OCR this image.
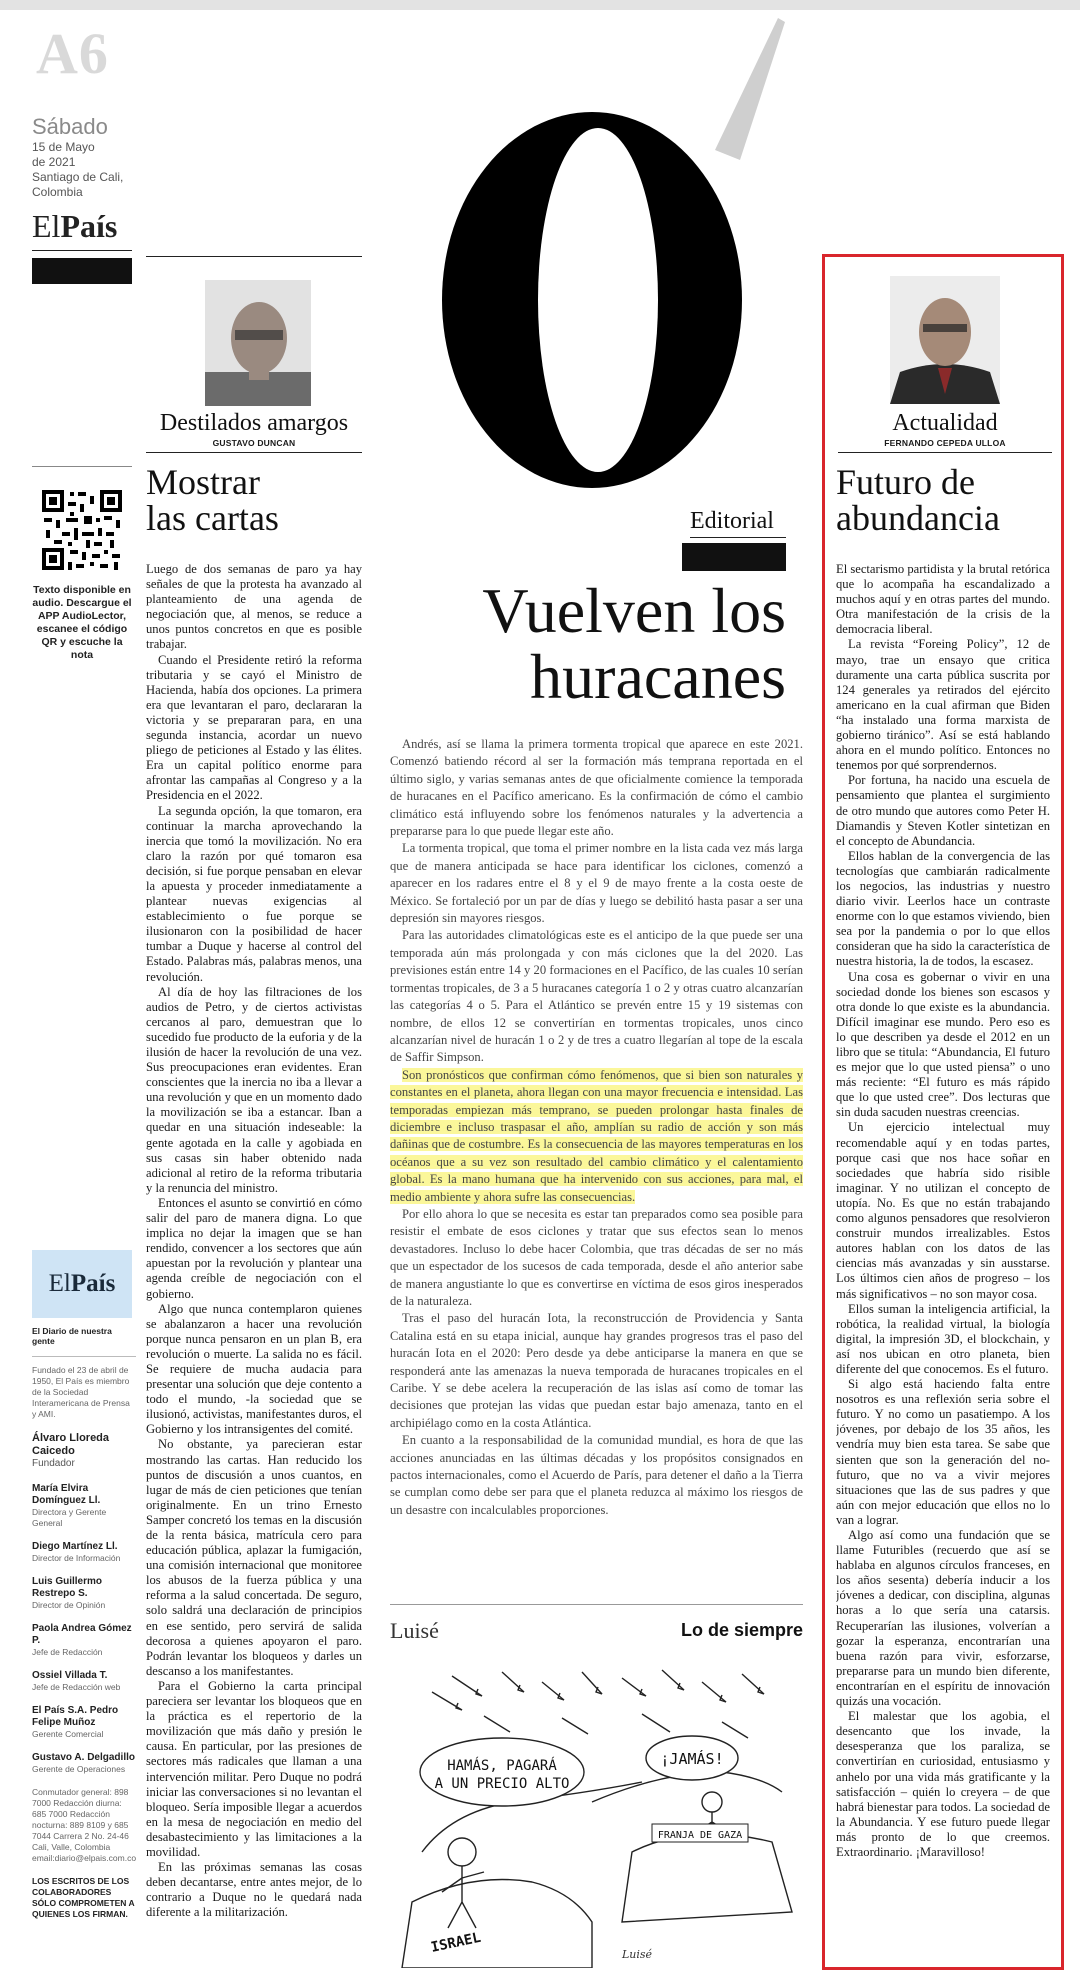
A6
Sábado
15 de Mayo
de 2021
Santiago de Cali,
Colombia
ElPaís
Destilados amargos
GUSTAVO DUNCAN
Texto disponible en audio. Descargue el APP AudioLector, escanee el código QR y escuche la nota
ElPaís
El Diario de nuestra gente
Fundado el 23 de abril de 1950, El País es miembro de la Sociedad Interamericana de Prensa y AMI.
Álvaro Lloreda Caicedo
Fundador
María Elvira Domínguez Ll.
Directora y Gerente General
Diego Martínez Ll.
Director de Información
Luis Guillermo Restrepo S.
Director de Opinión
Paola Andrea Gómez P.
Jefe de Redacción
Ossiel Villada T.
Jefe de Redacción web
El País S.A. Pedro Felipe Muñoz
Gerente Comercial
Gustavo A. Delgadillo
Gerente de Operaciones
Conmutador general: 898 7000 Redacción diurna: 685 7000 Redacción nocturna: 889 8109 y 685 7044 Carrera 2 No. 24-46 Cali, Valle, Colombia email:diario@elpais.com.co
LOS ESCRITOS DE LOS COLABORADORES SÓLO COMPROMETEN A QUIENES LOS FIRMAN.
Mostrar
las cartas

Luego de dos semanas de paro ya hay señales de que la protesta ha avanzado al planteamiento de una agenda de negociación que, al menos, se reduce a unos puntos concretos en que es posible trabajar.

Cuando el Presidente retiró la reforma tributaria y se cayó el Ministro de Hacienda, había dos opciones. La primera era que levantaran el paro, declararan la victoria y se prepararan para, en una segunda instancia, acordar un nuevo pliego de peticiones al Estado y las élites. Era un capital político enorme para afrontar las campañas al Congreso y a la Presidencia en el 2022.

La segunda opción, la que tomaron, era continuar la marcha aprovechando la inercia que tomó la movilización. No era claro la razón por qué tomaron esa decisión, si fue porque pensaban en elevar la apuesta y proceder inmediatamente a plantear nuevas exigencias al establecimiento o fue porque se ilusionaron con la posibilidad de hacer tumbar a Duque y hacerse al control del Estado. Palabras más, palabras menos, una revolución.

Al día de hoy las filtraciones de los audios de Petro, y de ciertos activistas cercanos al paro, demuestran que lo sucedido fue producto de la euforia y de la ilusión de hacer la revolución de una vez. Sus preocupaciones eran evidentes. Eran conscientes que la inercia no iba a llevar a una revolución y que en un momento dado la movilización se iba a estancar. Iban a quedar en una situación indeseable: la gente agotada en la calle y agobiada en sus casas sin haber obtenido nada adicional al retiro de la reforma tributaria y la renuncia del ministro.

Entonces el asunto se convirtió en cómo salir del paro de manera digna. Lo que implica no dejar la imagen que se han rendido, convencer a los sectores que aún apuestan por la revolución y plantear una agenda creíble de negociación con el gobierno.

Algo que nunca contemplaron quienes se abalanzaron a hacer una revolución porque nunca pensaron en un plan B, era revolución o muerte. La salida no es fácil. Se requiere de mucha audacia para presentar una solución que deje contento a todo el mundo, -la sociedad que se ilusionó, activistas, manifestantes duros, el Gobierno y los intransigentes del comité.

No obstante, ya parecieran estar mostrando las cartas. Han reducido los puntos de discusión a unos cuantos, en lugar de más de cien peticiones que tenían originalmente. En un trino Ernesto Samper concretó los temas en la discusión de la renta básica, matrícula cero para educación pública, aplazar la fumigación, una comisión internacional que monitoree los abusos de la fuerza pública y una reforma a la salud concertada. De seguro, solo saldrá una declaración de principios en ese sentido, pero servirá de salida decorosa a quienes apoyaron el paro. Podrán levantar los bloqueos y darles un descanso a los manifestantes.

Para el Gobierno la carta principal pareciera ser levantar los bloqueos que en la práctica es el repertorio de la movilización que más daño y presión le causa. En particular, por las presiones de sectores más radicales que llaman a una intervención militar. Pero Duque no podrá iniciar las conversaciones si no levantan el bloqueo. Sería imposible llegar a acuerdos en la mesa de negociación en medio del desabastecimiento y las limitaciones a la movilidad.

En las próximas semanas las cosas deben decantarse, entre antes mejor, de lo contrario a Duque no le quedará nada diferente a la militarización.

Editorial
Vuelven los
huracanes

Andrés, así se llama la primera tormenta tropical que aparece en este 2021. Comenzó batiendo récord al ser la formación más temprana reportada en el último siglo, y varias semanas antes de que oficialmente comience la temporada de huracanes en el Pacífico americano. Es la confirmación de cómo el cambio climático está influyendo sobre los fenómenos naturales y la advertencia a prepararse para lo que puede llegar este año.

La tormenta tropical, que toma el primer nombre en la lista cada vez más larga que de manera anticipada se hace para identificar los ciclones, comenzó a aparecer en los radares entre el 8 y el 9 de mayo frente a la costa oeste de México. Se fortaleció por un par de días y luego se debilitó hasta pasar a ser una depresión sin mayores riesgos.

Para las autoridades climatológicas este es el anticipo de la que puede ser una temporada aún más prolongada y con más ciclones que la del 2020. Las previsiones están entre 14 y 20 formaciones en el Pacífico, de las cuales 10 serían tormentas tropicales, de 3 a 5 huracanes categoría 1 o 2 y otras cuatro alcanzarían las categorías 4 o 5. Para el Atlántico se prevén entre 15 y 19 sistemas con nombre, de ellos 12 se convertirían en tormentas tropicales, unos cinco alcanzarían nivel de huracán 1 o 2 y de tres a cuatro llegarían al tope de la escala de Saffir Simpson.

Son pronósticos que confirman cómo fenómenos, que si bien son naturales y constantes en el planeta, ahora llegan con una mayor frecuencia e intensidad. Las temporadas empiezan más temprano, se pueden prolongar hasta finales de diciembre e incluso traspasar el año, amplían su radio de acción y son más dañinas que de costumbre. Es la consecuencia de las mayores temperaturas en los océanos que a su vez son resultado del cambio climático y el calentamiento global. Es la mano humana que ha intervenido con sus acciones, para mal, el medio ambiente y ahora sufre las consecuencias.

Por ello ahora lo que se necesita es estar tan preparados como sea posible para resistir el embate de esos ciclones y tratar que sus efectos sean lo menos devastadores. Incluso lo debe hacer Colombia, que tras décadas de ser no más que un espectador de los sucesos de cada temporada, desde el año anterior sabe de manera angustiante lo que es convertirse en víctima de esos giros inesperados de la naturaleza.

Tras el paso del huracán Iota, la reconstrucción de Providencia y Santa Catalina está en su etapa inicial, aunque hay grandes progresos tras el paso del huracán Iota en el 2020: Pero desde ya debe anticiparse la manera en que se responderá ante las amenazas la nueva temporada de huracanes tropicales en el Caribe. Y se debe acelera la recuperación de las islas así como de tomar las decisiones que protejan las vidas que puedan estar bajo amenaza, tanto en el archipiélago como en la costa Atlántica.

En cuanto a la responsabilidad de la comunidad mundial, es hora de que las acciones anunciadas en las últimas décadas y los propósitos consignados en pactos internacionales, como el Acuerdo de París, para detener el daño a la Tierra se cumplan como debe ser para que el planeta reduzca al máximo los riesgos de un desastre con incalculables proporciones.

Luisé	Lo de siempre
HAMÁS, PAGARÁ
A UN PRECIO ALTO
¡JAMÁS!
FRANJA DE GAZA
ISRAEL	Luisé
Actualidad
FERNANDO CEPEDA ULLOA
Futuro de
abundancia

El sectarismo partidista y la brutal retórica que lo acompaña ha escandalizado a muchos aquí y en otras partes del mundo. Otra manifestación de la crisis de la democracia liberal.

La revista “Foreing Policy”, 12 de mayo, trae un ensayo que critica duramente una carta pública suscrita por 124 generales ya retirados del ejército americano en la cual afirman que Biden “ha instalado una forma marxista de gobierno tiránico”. Así se está hablando ahora en el mundo político. Entonces no tenemos por qué sorprendernos.

Por fortuna, ha nacido una escuela de pensamiento que plantea el surgimiento de otro mundo que autores como Peter H. Diamandis y Steven Kotler sintetizan en el concepto de Abundancia.

Ellos hablan de la convergencia de las tecnologías que cambiarán radicalmente los negocios, las industrias y nuestro diario vivir. Leerlos hace un contraste enorme con lo que estamos viviendo, bien sea por la pandemia o por lo que ellos consideran que ha sido la característica de nuestra historia, la de todos, la escasez.

Una cosa es gobernar o vivir en una sociedad donde los bienes son escasos y otra donde lo que existe es la abundancia. Difícil imaginar ese mundo. Pero eso es lo que describen ya desde el 2012 en un libro que se titula: “Abundancia, El futuro es mejor que lo que usted piensa” o uno más reciente: “El futuro es más rápido que lo que usted cree”. Dos lecturas que sin duda sacuden nuestras creencias.

Un ejercicio intelectual muy recomendable aquí y en todas partes, porque casi que nos hace soñar en sociedades que habría sido risible imaginar. Y no utilizan el concepto de utopía. No. Es que no están trabajando como algunos pensadores que resolvieron construir mundos irrealizables. Estos autores hablan con los datos de las ciencias más avanzadas y sin ausstarse. Los últimos cien años de progreso – los más significativos – no son mayor cosa.

Ellos suman la inteligencia artificial, la robótica, la realidad virtual, la biología digital, la impresión 3D, el blockchain, y así nos ubican en otro planeta, bien diferente del que conocemos. Es el futuro.

Si algo está haciendo falta entre nosotros es una reflexión seria sobre el futuro. Y no como un pasatiempo. A los jóvenes, por debajo de los 35 años, les vendría muy bien esta tarea. Se sabe que sienten que son la generación del no-futuro, que no va a vivir mejores situaciones que las de sus padres y que aún con mejor educación que ellos no lo van a lograr.

Algo así como una fundación que se llame Futuribles (recuerdo que así se hablaba en algunos círculos franceses, en los años sesenta) debería inducir a los jóvenes a dedicar, con disciplina, algunas horas a lo que sería una catarsis. Recuperarían las ilusiones, volverían a gozar la esperanza, encontrarían una buena razón para vivir, esforzarse, prepararse para un mundo bien diferente, encontrarían en el espíritu de innovación quizás una vocación.

El malestar que los agobia, el desencanto que los invade, la desesperanza que los paraliza, se convertirían en curiosidad, entusiasmo y anhelo por una vida más gratificante y la satisfacción – quién lo creyera – de que habrá bienestar para todos. La sociedad de la Abundancia. Y ese futuro puede llegar más pronto de lo que creemos. Extraordinario. ¡Maravilloso!
